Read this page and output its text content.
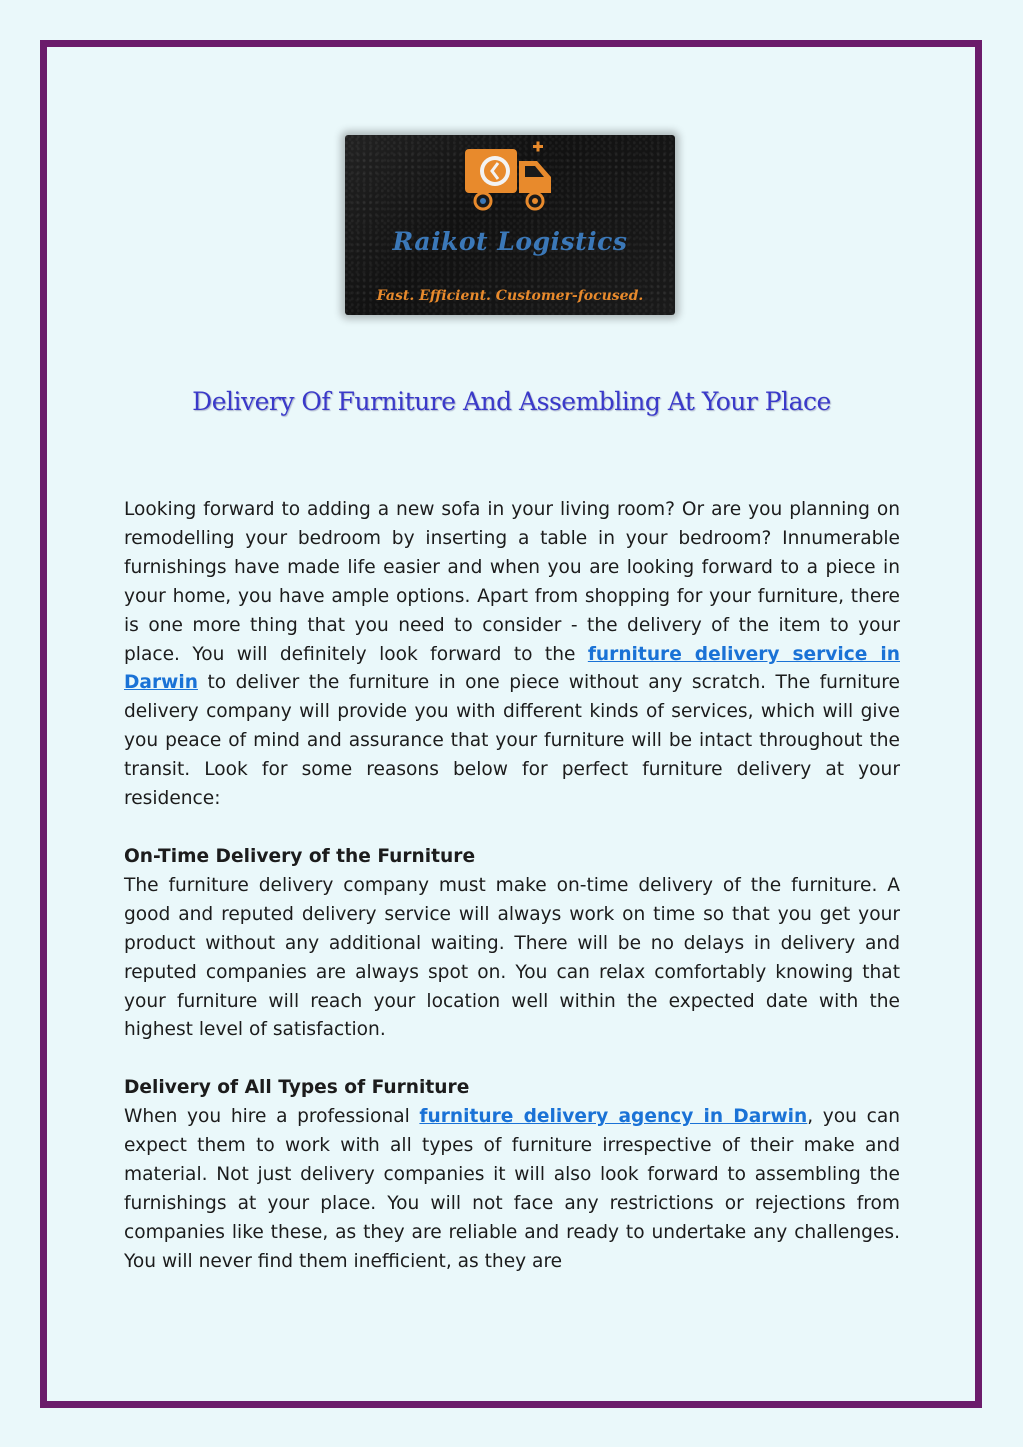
Raikot Logistics
Fast. Efficient. Customer-focused.
Delivery Of Furniture And Assembling At Your Place

Looking forward to adding a new sofa in your living room? Or are you planning on remodelling your bedroom by inserting a table in your bedroom? Innumerable furnishings have made life easier and when you are looking forward to a piece in your home, you have ample options. Apart from shopping for your furniture, there is one more thing that you need to consider - the delivery of the item to your place. You will definitely look forward to the furniture delivery service in Darwin to deliver the furniture in one piece without any scratch. The furniture delivery company will provide you with different kinds of services, which will give you peace of mind and assurance that your furniture will be intact throughout the transit. Look for some reasons below for perfect furniture delivery at your residence:

On-Time Delivery of the Furniture

The furniture delivery company must make on-time delivery of the furniture. A good and reputed delivery service will always work on time so that you get your product without any additional waiting. There will be no delays in delivery and reputed companies are always spot on. You can relax comfortably knowing that your furniture will reach your location well within the expected date with the highest level of satisfaction.

Delivery of All Types of Furniture

When you hire a professional furniture delivery agency in Darwin, you can expect them to work with all types of furniture irrespective of their make and material. Not just delivery companies it will also look forward to assembling the furnishings at your place. You will not face any restrictions or rejections from companies like these, as they are reliable and ready to undertake any challenges. You will never find them inefficient, as they are
